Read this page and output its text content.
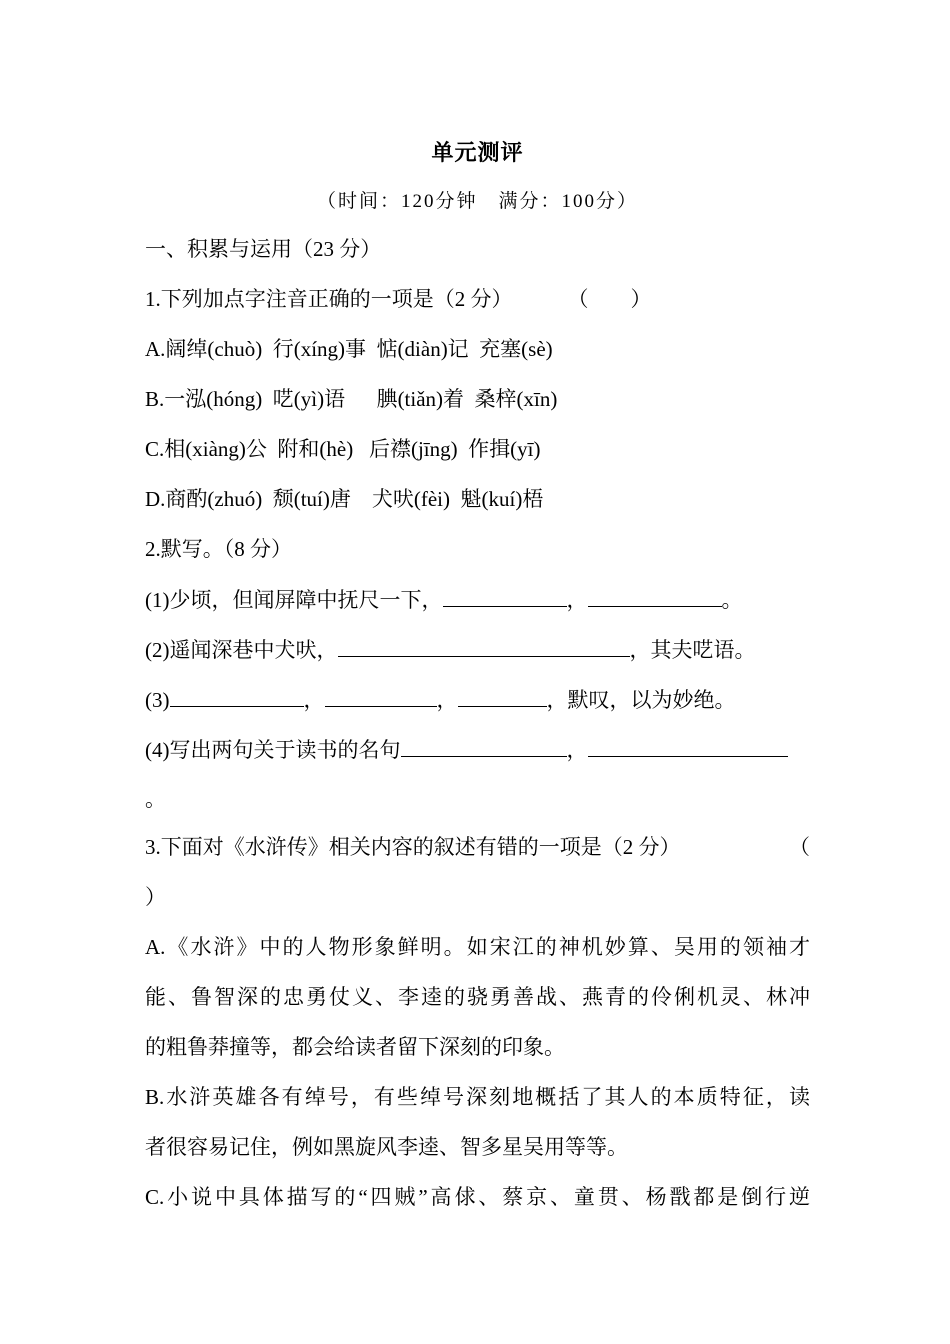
单元测评
（时间：120分钟　满分：100分）
一、积累与运用（23 分）
1.下列加点字注音正确的一项是（2 分）	（　　）
A.阔绰(chuò)  行(xíng)事  惦(diàn)记  充塞(sè)
B.一泓(hóng)  呓(yì)语      腆(tiǎn)着  桑梓(xīn)
C.相(xiàng)公  附和(hè)   后襟(jīng)  作揖(yī)
D.商酌(zhuó)  颓(tuí)唐    犬吠(fèi)  魁(kuí)梧
2.默写。（8 分）
(1)少顷，但闻屏障中抚尺一下，	，	。
(2)遥闻深巷中犬吠，	，其夫呓语。
(3)	，	，	，默叹，以为妙绝。
(4)写出两句关于读书的名句	，
。
3.下面对《水浒传》相关内容的叙述有错的一项是（2 分）	（
）
A.《水浒》中的人物形象鲜明。如宋江的神机妙算、吴用的领袖才
能、鲁智深的忠勇仗义、李逵的骁勇善战、燕青的伶俐机灵、林冲
的粗鲁莽撞等，都会给读者留下深刻的印象。
B.水浒英雄各有绰号，有些绰号深刻地概括了其人的本质特征，读
者很容易记住，例如黑旋风李逵、智多星吴用等等。
C.小说中具体描写的“四贼”高俅、蔡京、童贯、杨戬都是倒行逆
